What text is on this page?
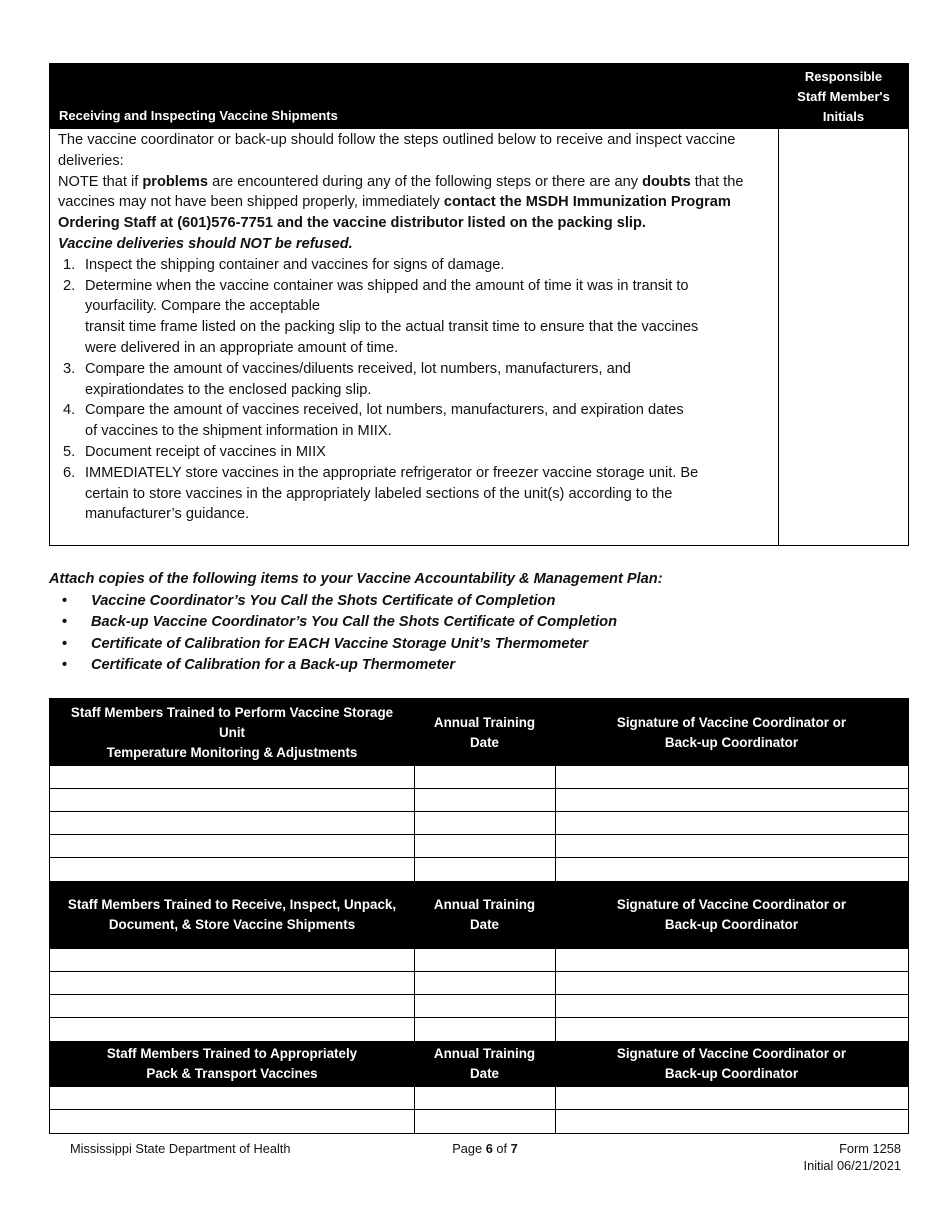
Receiving and Inspecting Vaccine Shipments
Responsible
Staff Member's
Initials

The vaccine coordinator or back-up should follow the steps outlined below to receive and inspect vaccine deliveries:

NOTE that if problems are encountered during any of the following steps or there are any doubts that the vaccines may not have been shipped properly, immediately contact the MSDH Immunization Program Ordering Staff at (601)576-7751 and the vaccine distributor listed on the packing slip.

Vaccine deliveries should NOT be refused.

1. Inspect the shipping container and vaccines for signs of damage.
2. Determine when the vaccine container was shipped and the amount of time it was in transit to
yourfacility. Compare the acceptable
transit time frame listed on the packing slip to the actual transit time to ensure that the vaccines
were delivered in an appropriate amount of time.
3. Compare the amount of vaccines/diluents received, lot numbers, manufacturers, and
expirationdates to the enclosed packing slip.
4. Compare the amount of vaccines received, lot numbers, manufacturers, and expiration dates
of vaccines to the shipment information in MIIX.
5. Document receipt of vaccines in MIIX
6. IMMEDIATELY store vaccines in the appropriate refrigerator or freezer vaccine storage unit. Be
certain to store vaccines in the appropriately labeled sections of the unit(s) according to the
manufacturer’s guidance.

Attach copies of the following items to your Vaccine Accountability & Management Plan:

• Vaccine Coordinator’s You Call the Shots Certificate of Completion
• Back-up Vaccine Coordinator’s You Call the Shots Certificate of Completion
• Certificate of Calibration for EACH Vaccine Storage Unit’s Thermometer
• Certificate of Calibration for a Back-up Thermometer
Staff Members Trained to Perform Vaccine Storage
Unit
Temperature Monitoring & Adjustments
Annual Training
Date
Signature of Vaccine Coordinator or
Back-up Coordinator
Staff Members Trained to Receive, Inspect, Unpack,
Document, & Store Vaccine Shipments
Annual Training
Date
Signature of Vaccine Coordinator or
Back-up Coordinator
Staff Members Trained to Appropriately
Pack & Transport Vaccines
Annual Training
Date
Signature of Vaccine Coordinator or
Back-up Coordinator
Mississippi State Department of Health	Page 6 of 7	Form 1258
Initial 06/21/2021
